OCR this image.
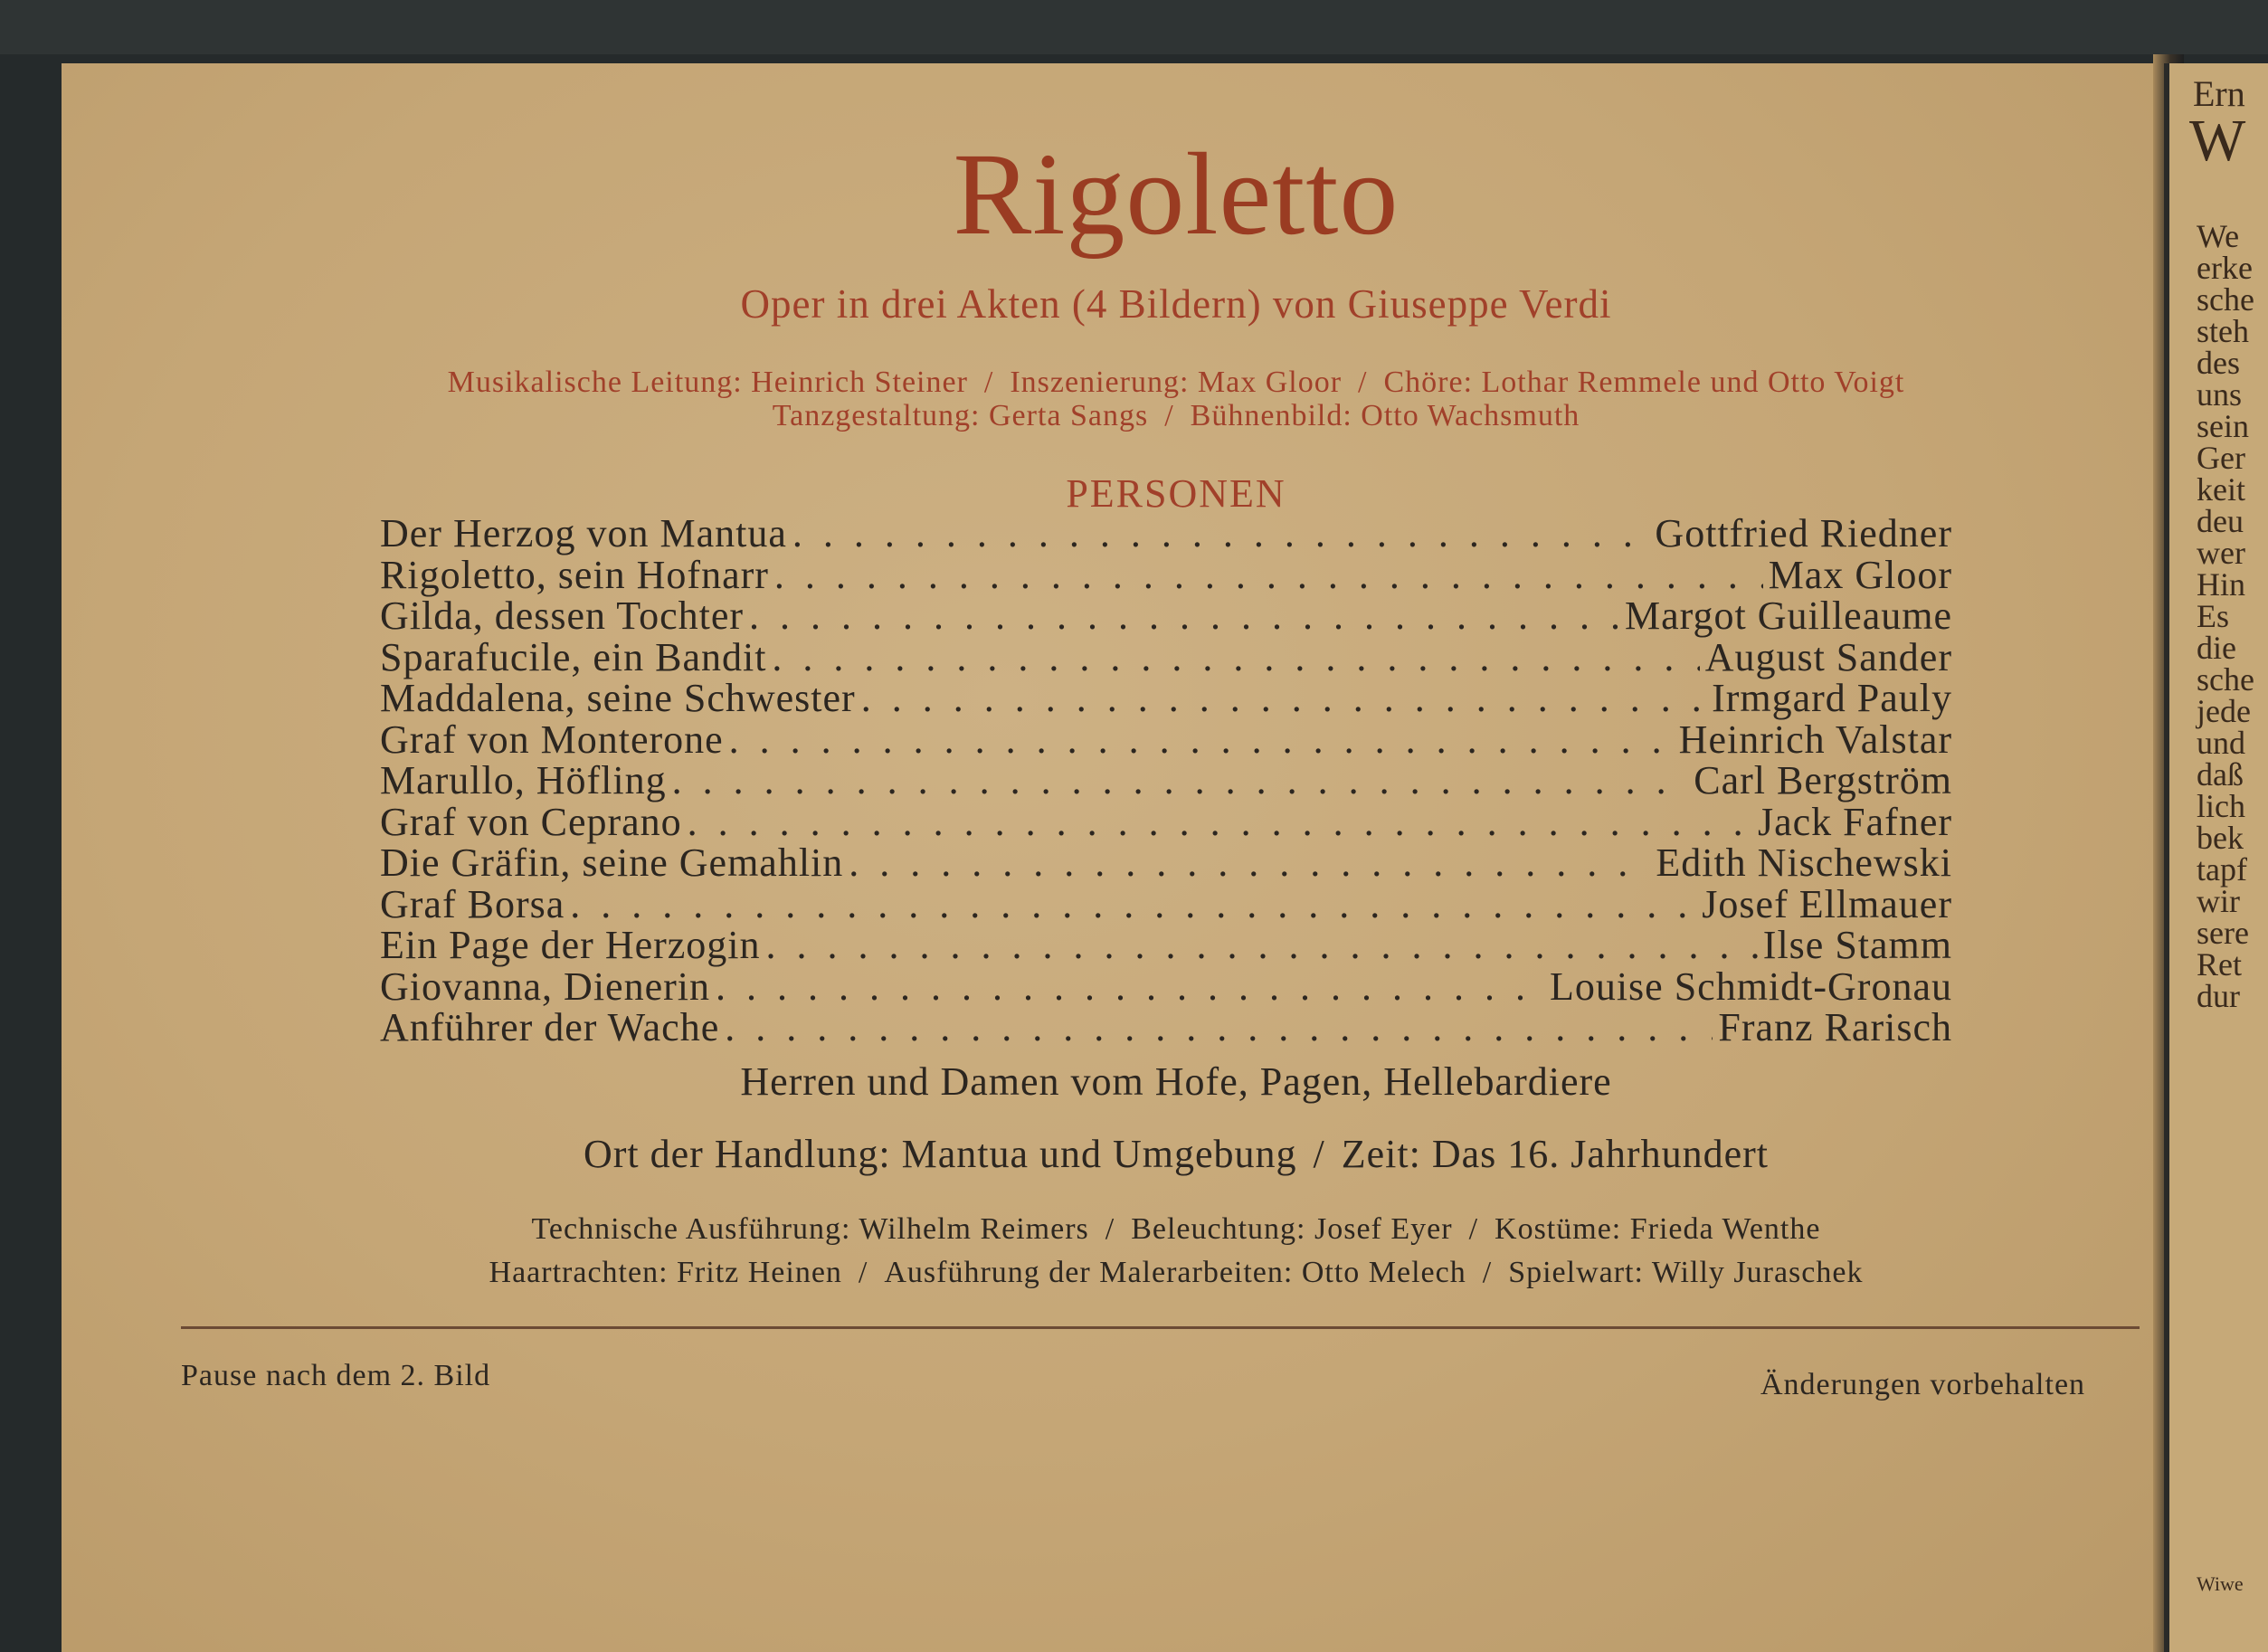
Ern
W
We
erke
sche
steh
des
uns
sein
Ger
keit
deu
wer
Hin
Es
die
sche
jede
und
daß
lich
bek
tapf
wir
sere
Ret
dur
Wiwe
Rigoletto
Oper in drei Akten (4 Bildern) von Giuseppe Verdi
Musikalische Leitung: Heinrich Steiner / Inszenierung: Max Gloor / Chöre: Lothar Remmele und Otto Voigt
Tanzgestaltung: Gerta Sangs / Bühnenbild: Otto Wachsmuth
PERSONEN
Der Herzog von Mantua . . .	Gottfried Riedner
Rigoletto, sein Hofnarr . . .	Max Gloor
Gilda, dessen Tochter . . .	Margot Guilleaume
Sparafucile, ein Bandit . . .	August Sander
Maddalena, seine Schwester . . .	Irmgard Pauly
Graf von Monterone . . .	Heinrich Valstar
Marullo, Höfling . . .	Carl Bergström
Graf von Ceprano . . .	Jack Fafner
Die Gräfin, seine Gemahlin . . .	Edith Nischewski
Graf Borsa . . .	Josef Ellmauer
Ein Page der Herzogin . . .	Ilse Stamm
Giovanna, Dienerin . . .	Louise Schmidt-Gronau
Anführer der Wache . . .	Franz Rarisch
Herren und Damen vom Hofe, Pagen, Hellebardiere
Ort der Handlung: Mantua und Umgebung / Zeit: Das 16. Jahrhundert
Technische Ausführung: Wilhelm Reimers / Beleuchtung: Josef Eyer / Kostüme: Frieda Wenthe
Haartrachten: Fritz Heinen / Ausführung der Malerarbeiten: Otto Melech / Spielwart: Willy Juraschek
Pause nach dem 2. Bild	Änderungen vorbehalten
